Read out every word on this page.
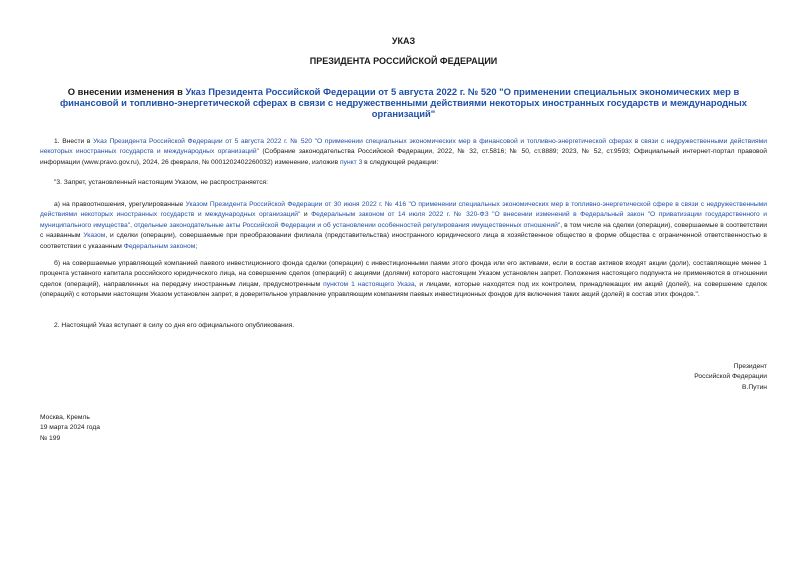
УКАЗ
ПРЕЗИДЕНТА РОССИЙСКОЙ ФЕДЕРАЦИИ
О внесении изменения в Указ Президента Российской Федерации от 5 августа 2022 г. № 520 "О применении специальных экономических мер в финансовой и топливно-энергетической сферах в связи с недружественными действиями некоторых иностранных государств и международных организаций"
1. Внести в Указ Президента Российской Федерации от 5 августа 2022 г. № 520 "О применении специальных экономических мер в финансовой и топливно-энергетической сферах в связи с недружественными действиями некоторых иностранных государств и международных организаций" (Собрание законодательства Российской Федерации, 2022, № 32, ст.5816; № 50, ст.8889; 2023, № 52, ст.9593; Официальный интернет-портал правовой информации (www.pravo.gov.ru), 2024, 26 февраля, № 0001202402260032) изменение, изложив пункт 3 в следующей редакции:
"3. Запрет, установленный настоящим Указом, не распространяется:
а) на правоотношения, урегулированные Указом Президента Российской Федерации от 30 июня 2022 г. № 416 "О применении специальных экономических мер в топливно-энергетической сфере в связи с недружественными действиями некоторых иностранных государств и международных организаций" и Федеральным законом от 14 июля 2022 г. № 320-ФЗ "О внесении изменений в Федеральный закон "О приватизации государственного и муниципального имущества", отдельные законодательные акты Российской Федерации и об установлении особенностей регулирования имущественных отношений", в том числе на сделки (операции), совершаемые в соответствии с названным Указом, и сделки (операции), совершаемые при преобразовании филиала (представительства) иностранного юридического лица в хозяйственное общество в форме общества с ограниченной ответственностью в соответствии с указанным Федеральным законом;
б) на совершаемые управляющей компанией паевого инвестиционного фонда сделки (операции) с инвестиционными паями этого фонда или его активами, если в состав активов входят акции (доли), составляющие менее 1 процента уставного капитала российского юридического лица, на совершение сделок (операций) с акциями (долями) которого настоящим Указом установлен запрет. Положения настоящего подпункта не применяются в отношении сделок (операций), направленных на передачу иностранным лицам, предусмотренным пунктом 1 настоящего Указа, и лицами, которые находятся под их контролем, принадлежащих им акций (долей), на совершение сделок (операций) с которыми настоящим Указом установлен запрет, в доверительное управление управляющим компаниям паевых инвестиционных фондов для включения таких акций (долей) в состав этих фондов.".
2. Настоящий Указ вступает в силу со дня его официального опубликования.
Президент
Российской Федерации
В.Путин
Москва, Кремль
19 марта 2024 года
№ 199
